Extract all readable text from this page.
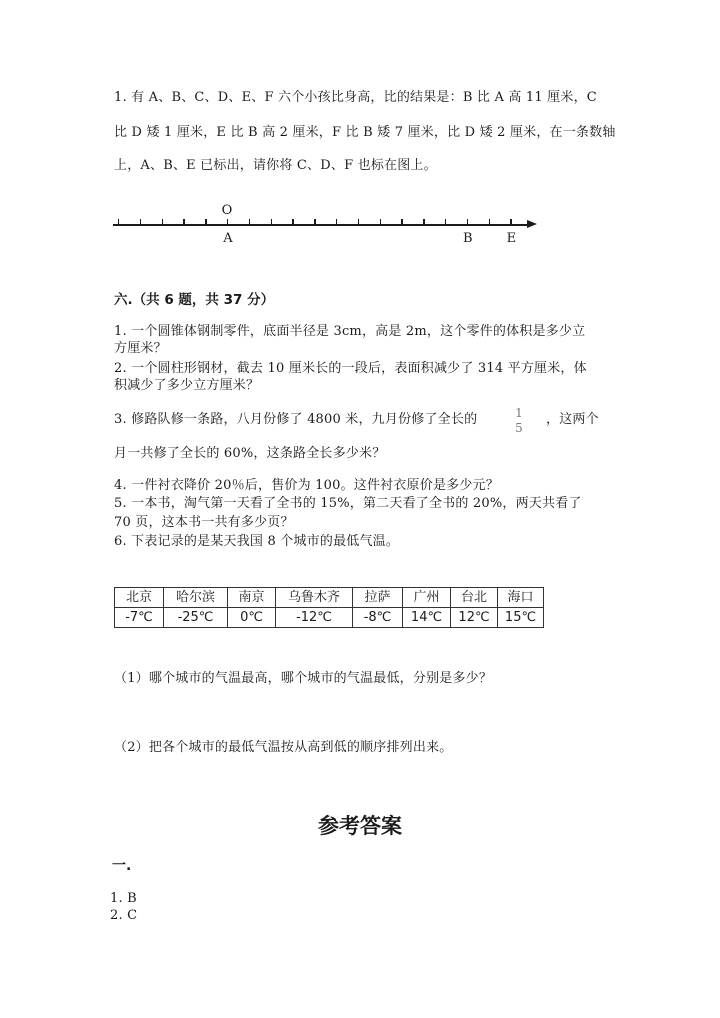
1. 有 A、B、C、D、E、F 六个小孩比身高，比的结果是：B 比 A 高 11 厘米，C
比 D 矮 1 厘米，E 比 B 高 2 厘米，F 比 B 矮 7 厘米，比 D 矮 2 厘米，在一条数轴
上，A、B、E 已标出，请你将 C、D、F 也标在图上。
O
A	B	E
六.（共 6 题，共 37 分）
1. 一个圆锥体钢制零件，底面半径是 3cm，高是 2m，这个零件的体积是多少立
方厘米？
2. 一个圆柱形钢材，截去 10 厘米长的一段后，表面积减少了 314 平方厘米，体
积减少了多少立方厘米？
3. 修路队修一条路，八月份修了 4800 米，九月份修了全长的	1
5
，这两个
月一共修了全长的 60%，这条路全长多少米？
4. 一件衬衣降价 20％后，售价为 100。这件衬衣原价是多少元？
5. 一本书，淘气第一天看了全书的 15%，第二天看了全书的 20%，两天共看了
70 页，这本书一共有多少页？
6. 下表记录的是某天我国 8 个城市的最低气温。
北京	哈尔滨	南京	乌鲁木齐	拉萨	广州	台北	海口
-7℃	-25℃	0℃	-12℃	-8℃	14℃	12℃	15℃
（1）哪个城市的气温最高，哪个城市的气温最低，分别是多少？
（2）把各个城市的最低气温按从高到低的顺序排列出来。
参考答案
一.
1. B
2. C
